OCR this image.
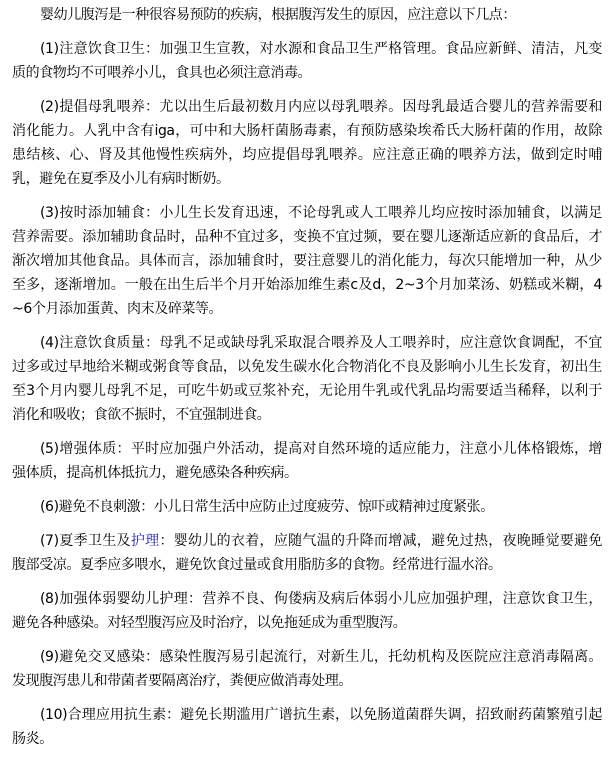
婴幼儿腹泻是一种很容易预防的疾病，根据腹泻发生的原因，应注意以下几点：

(1)注意饮食卫生：加强卫生宣教，对水源和食品卫生严格管理。食品应新鲜、清洁，凡变
质的食物均不可喂养小儿，食具也必须注意消毒。

(2)提倡母乳喂养：尤以出生后最初数月内应以母乳喂养。因母乳最适合婴儿的营养需要和
消化能力。人乳中含有iga，可中和大肠杆菌肠毒素，有预防感染埃希氏大肠杆菌的作用，故除
患结核、心、肾及其他慢性疾病外，均应提倡母乳喂养。应注意正确的喂养方法，做到定时哺
乳，避免在夏季及小儿有病时断奶。

(3)按时添加辅食：小儿生长发育迅速，不论母乳或人工喂养儿均应按时添加辅食，以满足
营养需要。添加辅助食品时，品种不宜过多，变换不宜过频，要在婴儿逐渐适应新的食品后，才
渐次增加其他食品。具体而言，添加辅食时，要注意婴儿的消化能力，每次只能增加一种，从少
至多，逐渐增加。一般在出生后半个月开始添加维生素c及d，2~3个月加菜汤、奶糕或米糊，4
~6个月添加蛋黄、肉末及碎菜等。

(4)注意饮食质量：母乳不足或缺母乳采取混合喂养及人工喂养时，应注意饮食调配，不宜
过多或过早地给米糊或粥食等食品，以免发生碳水化合物消化不良及影响小儿生长发育，初出生
至3个月内婴儿母乳不足，可吃牛奶或豆浆补充，无论用牛乳或代乳品均需要适当稀释，以利于
消化和吸收；食欲不振时，不宜强制进食。

(5)增强体质：平时应加强户外活动，提高对自然环境的适应能力，注意小儿体格锻炼，增
强体质，提高机体抵抗力，避免感染各种疾病。

(6)避免不良刺激：小儿日常生活中应防止过度疲劳、惊吓或精神过度紧张。

(7)夏季卫生及护理：婴幼儿的衣着，应随气温的升降而增减，避免过热，夜晚睡觉要避免
腹部受凉。夏季应多喂水，避免饮食过量或食用脂肪多的食物。经常进行温水浴。

(8)加强体弱婴幼儿护理：营养不良、佝偻病及病后体弱小儿应加强护理，注意饮食卫生，
避免各种感染。对轻型腹泻应及时治疗，以免拖延成为重型腹泻。

(9)避免交叉感染：感染性腹泻易引起流行，对新生儿，托幼机构及医院应注意消毒隔离。
发现腹泻患儿和带菌者要隔离治疗，粪便应做消毒处理。

(10)合理应用抗生素：避免长期滥用广谱抗生素，以免肠道菌群失调，招致耐药菌繁殖引起
肠炎。
